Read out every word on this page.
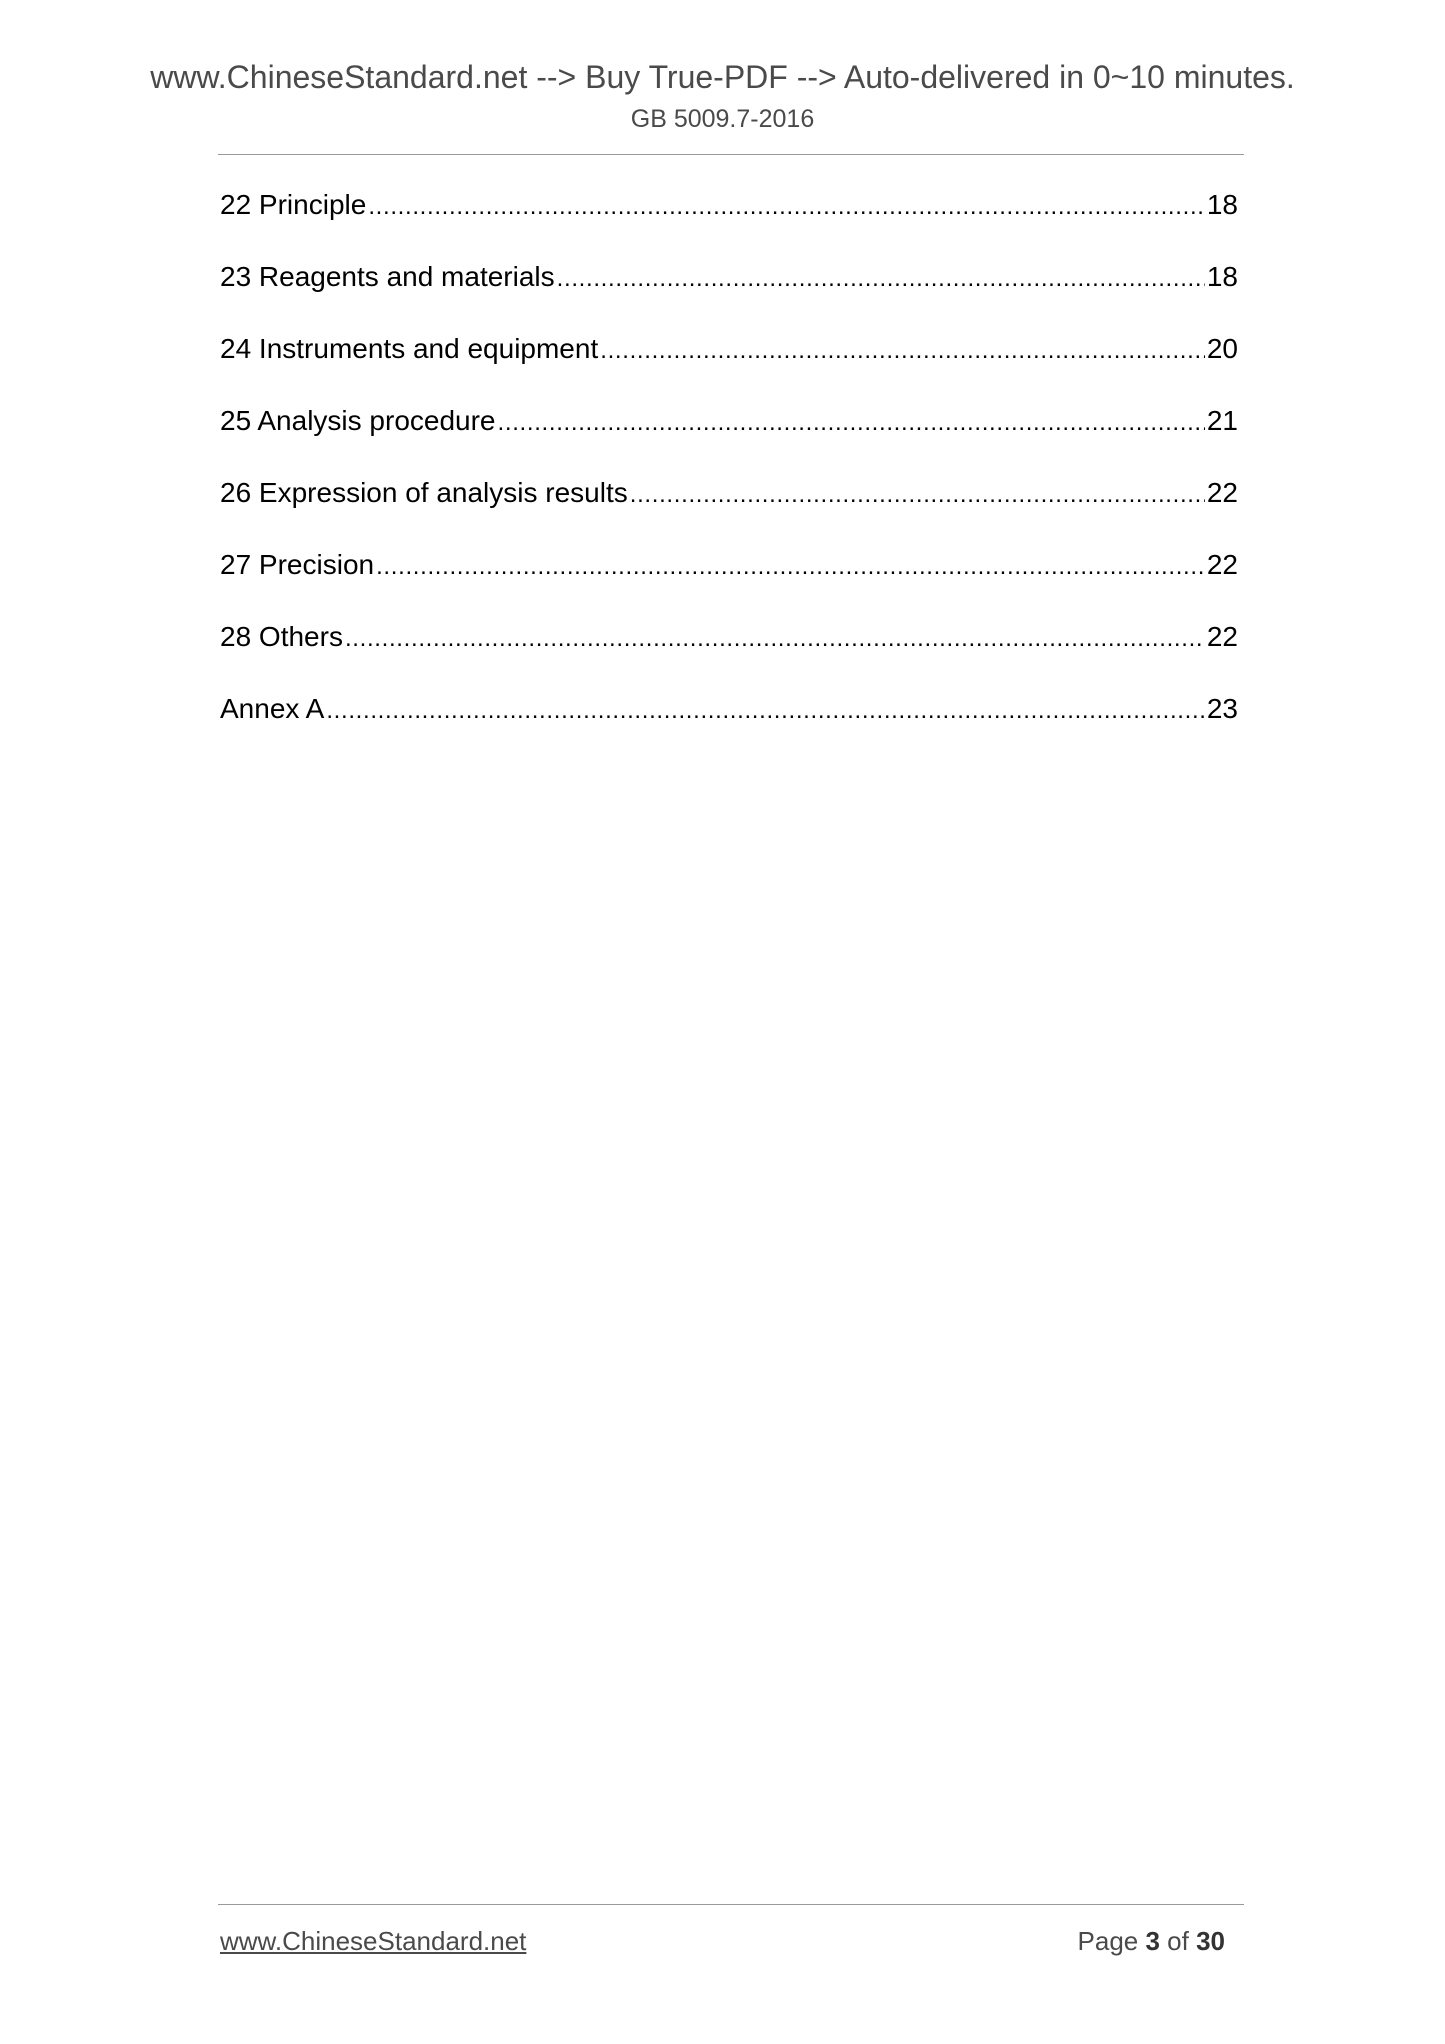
www.ChineseStandard.net --> Buy True-PDF --> Auto-delivered in 0~10 minutes.
GB 5009.7-2016
22 Principle . . .	18
23 Reagents and materials . . .	18
24 Instruments and equipment . . .	20
25 Analysis procedure . . .	21
26 Expression of analysis results . . .	22
27 Precision . . .	22
28 Others . . .	22
Annex A . . .	23
www.ChineseStandard.net	Page 3 of 30
